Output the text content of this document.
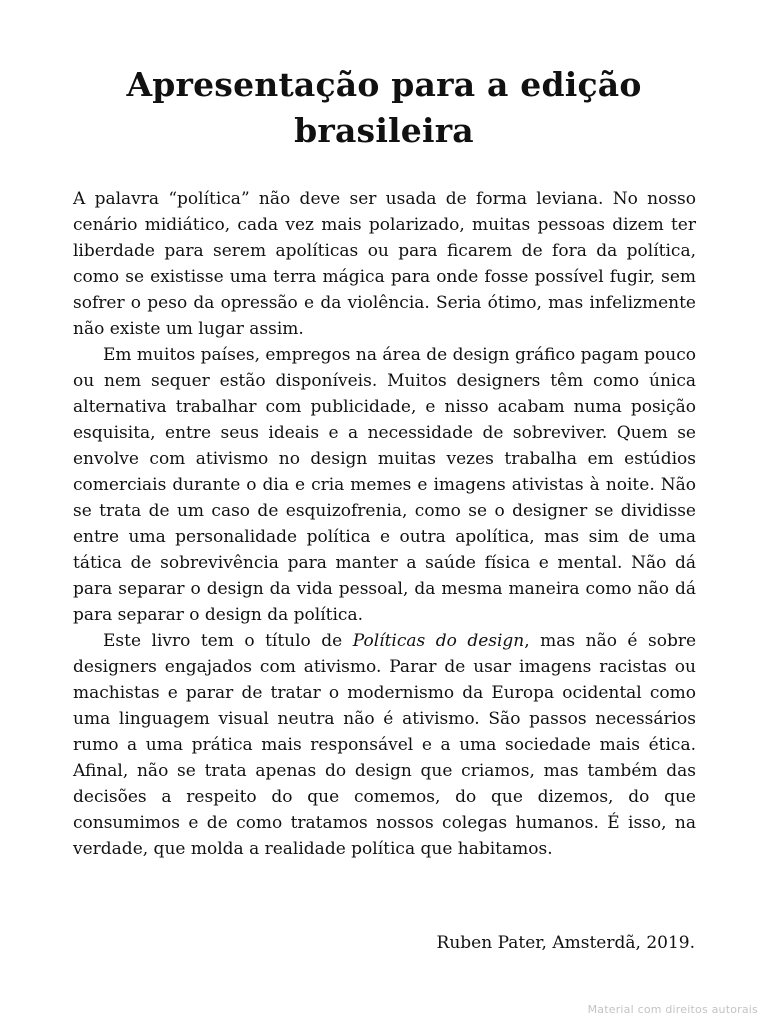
Apresentação para a edição
brasileira

A palavra “política” não deve ser usada de forma leviana. No nosso cenário midiático, cada vez mais polarizado, muitas pessoas dizem ter liberdade para serem apolíticas ou para ficarem de fora da política, como se existisse uma terra mágica para onde fosse possível fugir, sem sofrer o peso da opressão e da violência. Seria ótimo, mas infelizmente não existe um lugar assim.

Em muitos países, empregos na área de design gráfico pagam pouco ou nem sequer estão disponíveis. Muitos designers têm como única alternativa trabalhar com publicidade, e nisso acabam numa posição esquisita, entre seus ideais e a necessidade de sobreviver. Quem se envolve com ativismo no design muitas vezes trabalha em estúdios comerciais durante o dia e cria memes e imagens ativistas à noite. Não se trata de um caso de esquizofrenia, como se o designer se dividisse entre uma personalidade política e outra apolítica, mas sim de uma tática de sobrevivência para manter a saúde física e mental. Não dá para separar o design da vida pessoal, da mesma maneira como não dá para separar o design da política.

Este livro tem o título de Políticas do design, mas não é sobre designers engajados com ativismo. Parar de usar imagens racistas ou machistas e parar de tratar o modernismo da Europa ocidental como uma linguagem visual neutra não é ativismo. São passos necessários rumo a uma prática mais responsável e a uma sociedade mais ética. Afinal, não se trata apenas do design que criamos, mas também das decisões a respeito do que comemos, do que dizemos, do que consumimos e de como tratamos nossos colegas humanos. É isso, na verdade, que molda a realidade política que habitamos.

Ruben Pater, Amsterdã, 2019.
Material com direitos autorais
